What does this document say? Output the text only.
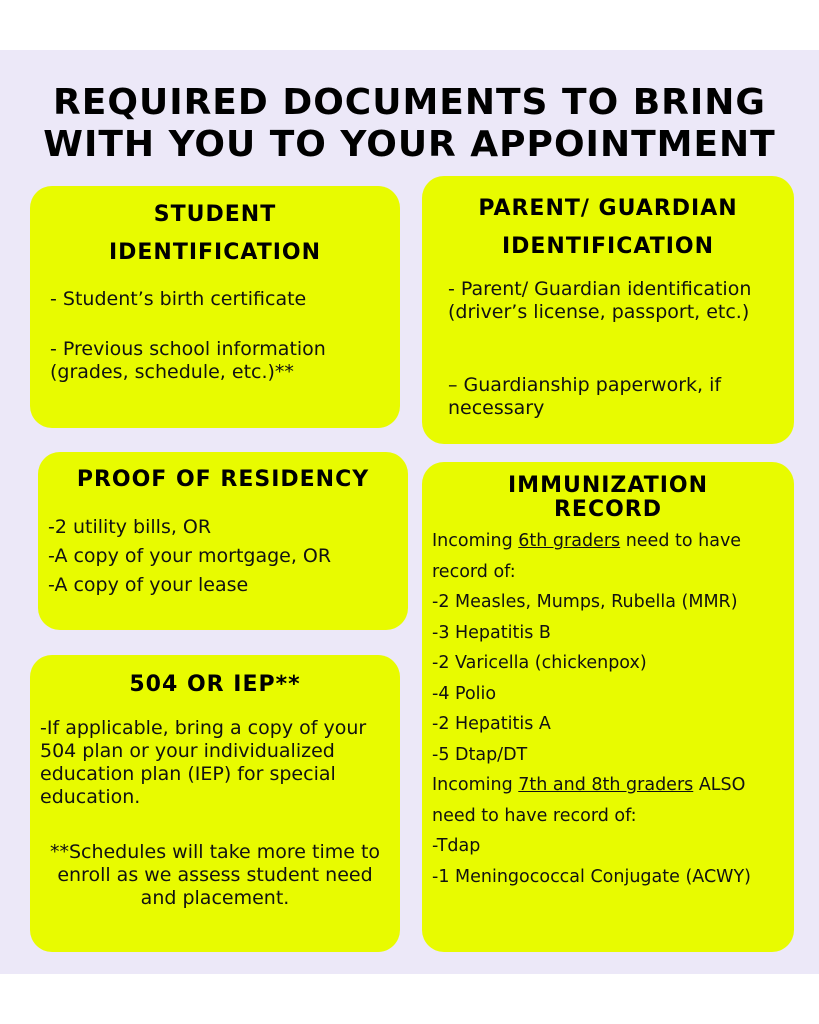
REQUIRED DOCUMENTS TO BRING
WITH YOU TO YOUR APPOINTMENT
STUDENT
IDENTIFICATION

- Student’s birth certificate

- Previous school information (grades, schedule, etc.)**

PARENT/ GUARDIAN
IDENTIFICATION

- Parent/ Guardian identification (driver’s license, passport, etc.)

– Guardianship paperwork, if necessary

PROOF OF RESIDENCY

-2 utility bills, OR

-A copy of your mortgage, OR

-A copy of your lease

504 OR IEP**

-If applicable, bring a copy of your 504 plan or your individualized education plan (IEP) for special education.

**Schedules will take more time to enroll as we assess student need and placement.

IMMUNIZATION
RECORD
Incoming 6th graders need to have record of:
-2 Measles, Mumps, Rubella (MMR)
-3 Hepatitis B
-2 Varicella (chickenpox)
-4 Polio
-2 Hepatitis A
-5 Dtap/DT
Incoming 7th and 8th graders ALSO need to have record of:
-Tdap
-1 Meningococcal Conjugate (ACWY)
